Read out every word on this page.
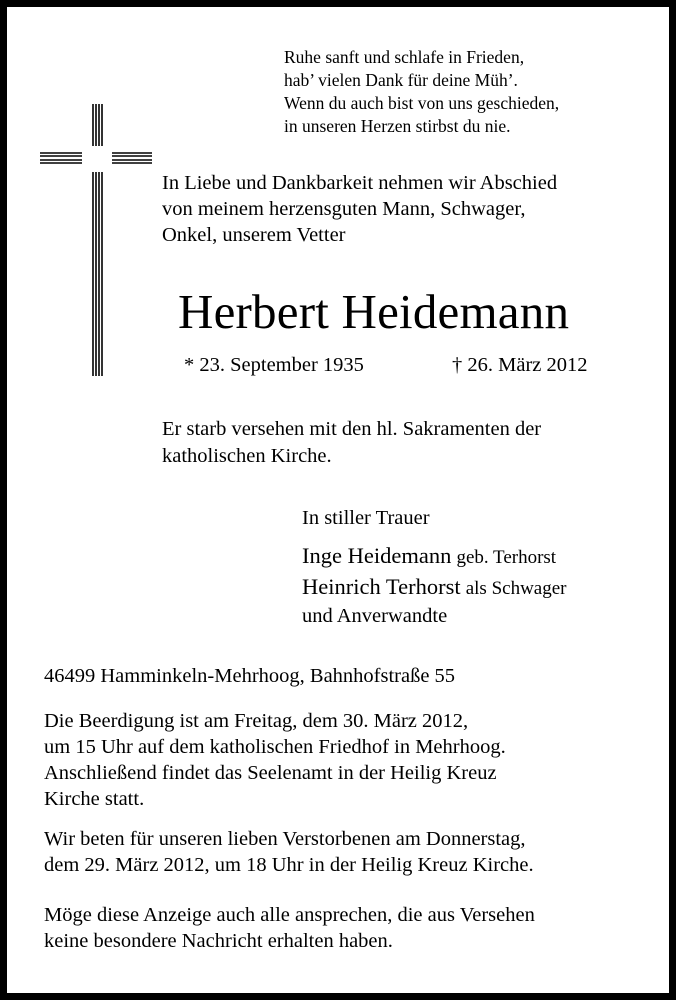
Ruhe sanft und schlafe in Frieden,

hab’ vielen Dank für deine Müh’.

Wenn du auch bist von uns geschieden,

in unseren Herzen stirbst du nie.

In Liebe und Dankbarkeit nehmen wir Abschied

von meinem herzensguten Mann, Schwager,

Onkel, unserem Vetter

Herbert Heidemann

* 23. September 1935	† 26. März 2012

Er starb versehen mit den hl. Sakramenten der

katholischen Kirche.

In stiller Trauer

Inge Heidemann geb. Terhorst

Heinrich Terhorst als Schwager

und Anverwandte

46499 Hamminkeln-Mehrhoog, Bahnhofstraße 55

Die Beerdigung ist am Freitag, dem 30. März 2012,

um 15 Uhr auf dem katholischen Friedhof in Mehrhoog.

Anschließend findet das Seelenamt in der Heilig Kreuz

Kirche statt.

Wir beten für unseren lieben Verstorbenen am Donnerstag,

dem 29. März 2012, um 18 Uhr in der Heilig Kreuz Kirche.

Möge diese Anzeige auch alle ansprechen, die aus Versehen

keine besondere Nachricht erhalten haben.
